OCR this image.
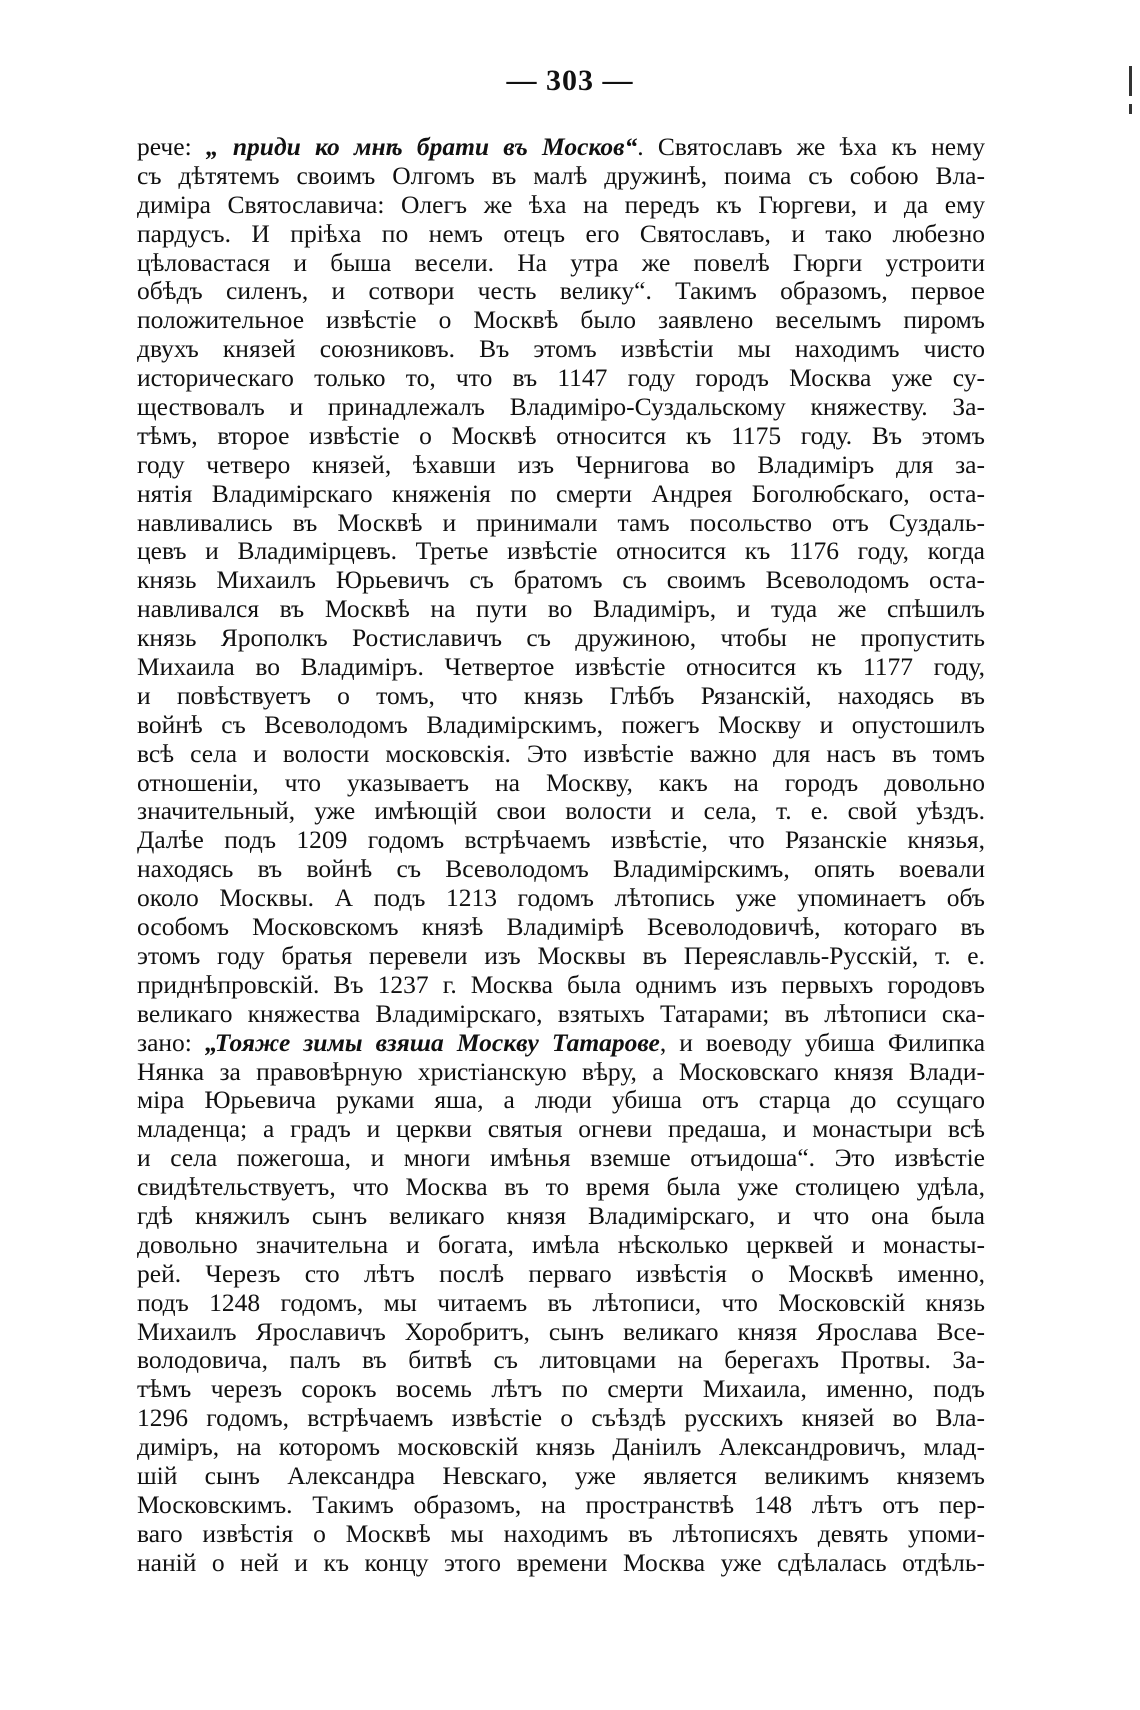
— 303 —
рече: „ приди ко мнѣ брати въ Москов“. Святославъ же ѣха къ нему
съ дѣтятемъ своимъ Олгомъ въ малѣ дружинѣ, поима съ собою Вла-
диміра Святославича: Олегъ же ѣха на передъ къ Гюргеви, и да ему
пардусъ. И пріѣха по немъ отецъ его Святославъ, и тако любезно
цѣловастася и быша весели. На утра же повелѣ Гюрги устроити
обѣдъ силенъ, и сотвори честь велику“. Такимъ образомъ, первое
положительное извѣстіе о Москвѣ было заявлено веселымъ пиромъ
двухъ князей союзниковъ. Въ этомъ извѣстіи мы находимъ чисто
историческаго только то, что въ 1147 году городъ Москва уже су-
ществовалъ и принадлежалъ Владиміро-Суздальскому княжеству. За-
тѣмъ, второе извѣстіе о Москвѣ относится къ 1175 году. Въ этомъ
году четверо князей, ѣхавши изъ Чернигова во Владиміръ для за-
нятія Владимірскаго княженія по смерти Андрея Боголюбскаго, оста-
навливались въ Москвѣ и принимали тамъ посольство отъ Суздаль-
цевъ и Владимірцевъ. Третье извѣстіе относится къ 1176 году, когда
князь Михаилъ Юрьевичъ съ братомъ съ своимъ Всеволодомъ оста-
навливался въ Москвѣ на пути во Владиміръ, и туда же спѣшилъ
князь Ярополкъ Ростиславичъ съ дружиною, чтобы не пропустить
Михаила во Владиміръ. Четвертое извѣстіе относится къ 1177 году,
и повѣствуетъ о томъ, что князь Глѣбъ Рязанскій, находясь въ
войнѣ съ Всеволодомъ Владимірскимъ, пожегъ Москву и опустошилъ
всѣ села и волости московскія. Это извѣстіе важно для насъ въ томъ
отношеніи, что указываетъ на Москву, какъ на городъ довольно
значительный, уже имѣющій свои волости и села, т. е. свой уѣздъ.
Далѣе подъ 1209 годомъ встрѣчаемъ извѣстіе, что Рязанскіе князья,
находясь въ войнѣ съ Всеволодомъ Владимірскимъ, опять воевали
около Москвы. А подъ 1213 годомъ лѣтопись уже упоминаетъ объ
особомъ Московскомъ князѣ Владимірѣ Всеволодовичѣ, котораго въ
этомъ году братья перевели изъ Москвы въ Переяславль-Русскій, т. е.
приднѣпровскій. Въ 1237 г. Москва была однимъ изъ первыхъ городовъ
великаго княжества Владимірскаго, взятыхъ Татарами; въ лѣтописи ска-
зано: „Тояже зимы взяша Москву Татарове, и воеводу убиша Филипка
Нянка за правовѣрную христіанскую вѣру, а Московскаго князя Влади-
міра Юрьевича руками яша, а люди убиша отъ старца до ссущаго
младенца; а градъ и церкви святыя огневи предаша, и монастыри всѣ
и села пожегоша, и многи имѣнья вземше отъидоша“. Это извѣстіе
свидѣтельствуетъ, что Москва въ то время была уже столицею удѣла,
гдѣ княжилъ сынъ великаго князя Владимірскаго, и что она была
довольно значительна и богата, имѣла нѣсколько церквей и монасты-
рей. Черезъ сто лѣтъ послѣ перваго извѣстія о Москвѣ именно,
подъ 1248 годомъ, мы читаемъ въ лѣтописи, что Московскій князь
Михаилъ Ярославичъ Хоробритъ, сынъ великаго князя Ярослава Все-
володовича, палъ въ битвѣ съ литовцами на берегахъ Протвы. За-
тѣмъ черезъ сорокъ восемь лѣтъ по смерти Михаила, именно, подъ
1296 годомъ, встрѣчаемъ извѣстіе о съѣздѣ русскихъ князей во Вла-
диміръ, на которомъ московскій князь Даніилъ Александровичъ, млад-
шій сынъ Александра Невскаго, уже является великимъ княземъ
Московскимъ. Такимъ образомъ, на пространствѣ 148 лѣтъ отъ пер-
ваго извѣстія о Москвѣ мы находимъ въ лѣтописяхъ девять упоми-
наній о ней и къ концу этого времени Москва уже сдѣлалась отдѣль-
